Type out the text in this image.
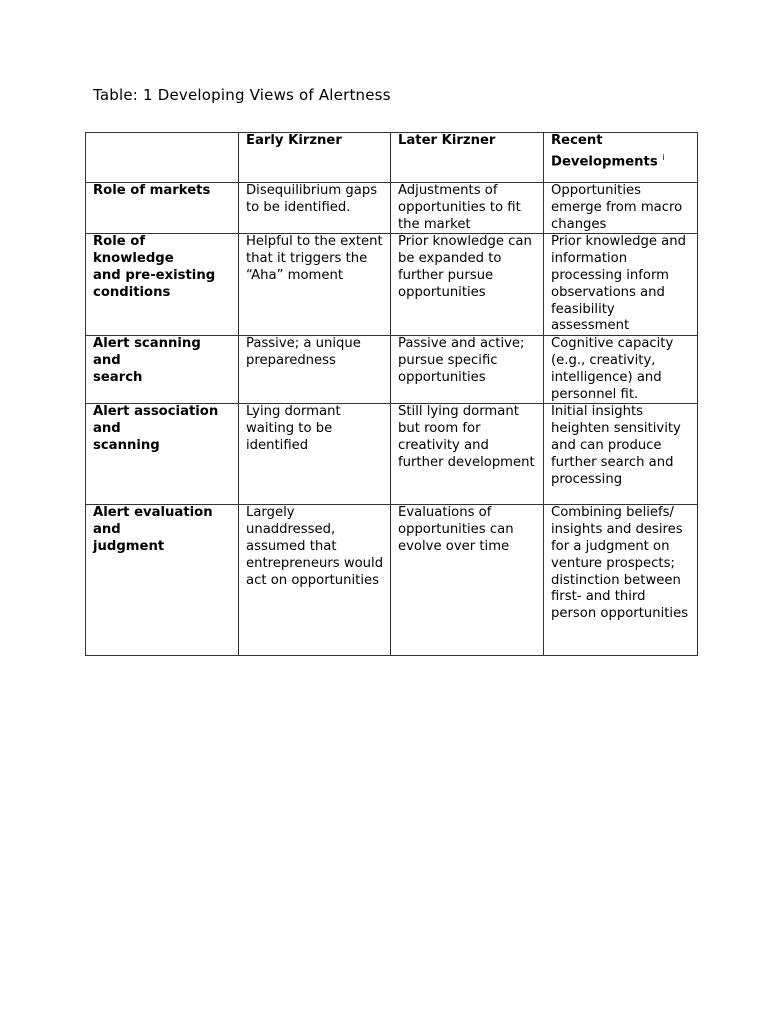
Table: 1 Developing Views of Alertness
	Early Kirzner	Later Kirzner	Recent
Developments $^i$
Role of markets	Disequilibrium gaps to be identified.	Adjustments of opportunities to fit the market	Opportunities emerge from macro changes
Role of
knowledge
and pre-existing
conditions	Helpful to the extent that it triggers the “Aha” moment	Prior knowledge can be expanded to further pursue opportunities	Prior knowledge and information processing inform observations and feasibility assessment
Alert scanning
and
search	Passive; a unique preparedness	Passive and active; pursue specific opportunities	Cognitive capacity (e.g., creativity, intelligence) and personnel fit.
Alert association
and
scanning	Lying dormant waiting to be identified	Still lying dormant but room for creativity and further development	Initial insights heighten sensitivity and can produce further search and processing
Alert evaluation
and
judgment	Largely unaddressed, assumed that entrepreneurs would act on opportunities	Evaluations of opportunities can evolve over time	Combining beliefs/ insights and desires for a judgment on venture prospects; distinction between first- and third person opportunities
